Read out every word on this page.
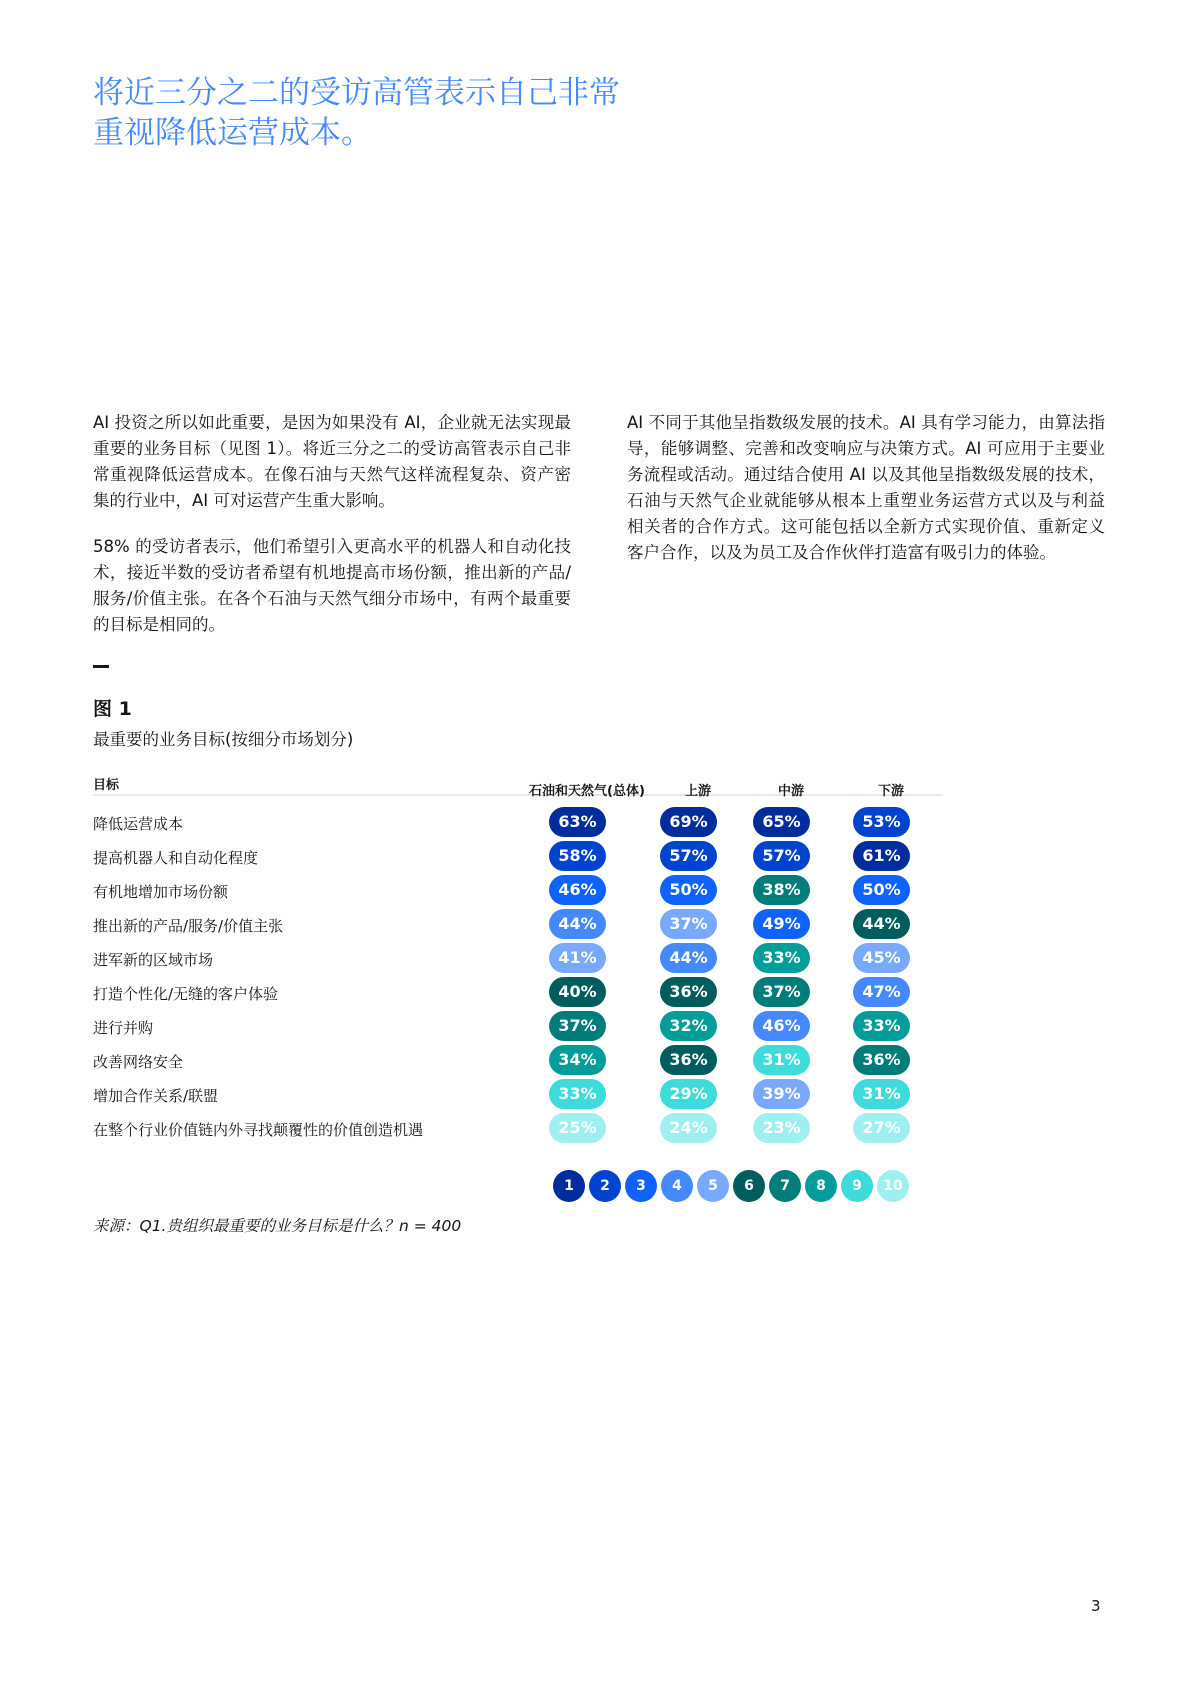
将近三分之二的受访高管表示自己非常
重视降低运营成本。

AI 投资之所以如此重要，是因为如果没有 AI，企业就无法实现最重要的业务目标（见图 1）。将近三分之二的受访高管表示自己非常重视降低运营成本。在像石油与天然气这样流程复杂、资产密集的行业中，AI 可对运营产生重大影响。

58% 的受访者表示，他们希望引入更高水平的机器人和自动化技术，接近半数的受访者希望有机地提高市场份额，推出新的产品/服务/价值主张。在各个石油与天然气细分市场中，有两个最重要的目标是相同的。

AI 不同于其他呈指数级发展的技术。AI 具有学习能力，由算法指导，能够调整、完善和改变响应与决策方式。AI 可应用于主要业务流程或活动。通过结合使用 AI 以及其他呈指数级发展的技术，石油与天然气企业就能够从根本上重塑业务运营方式以及与利益相关者的合作方式。这可能包括以全新方式实现价值、重新定义客户合作，以及为员工及合作伙伴打造富有吸引力的体验。

图 1
最重要的业务目标(按细分市场划分)
目标	石油和天然气(总体)	上游	中游	下游
降低运营成本	63%	69%	65%	53%
提高机器人和自动化程度	58%	57%	57%	61%
有机地增加市场份额	46%	50%	38%	50%
推出新的产品/服务/价值主张	44%	37%	49%	44%
进军新的区域市场	41%	44%	33%	45%
打造个性化/无缝的客户体验	40%	36%	37%	47%
进行并购	37%	32%	46%	33%
改善网络安全	34%	36%	31%	36%
增加合作关系/联盟	33%	29%	39%	31%
在整个行业价值链内外寻找颠覆性的价值创造机遇	25%	24%	23%	27%
1	2	3	4	5	6	7	8	9	10
来源：Q1.贵组织最重要的业务目标是什么？n = 400
3
